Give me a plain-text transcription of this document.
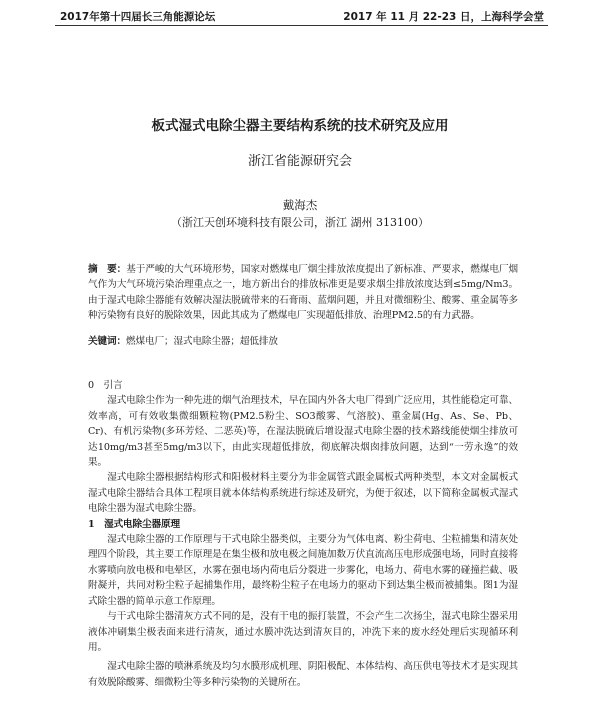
2017年第十四届长三角能源论坛	2017 年 11 月 22-23 日，上海科学会堂
板式湿式电除尘器主要结构系统的技术研究及应用
浙江省能源研究会
戴海杰
（浙江天创环境科技有限公司，浙江 湖州 313100）
摘　要：基于严峻的大气环境形势，国家对燃煤电厂烟尘排放浓度提出了新标准、严要求，燃煤电厂烟气作为大气环境污染治理重点之一，地方新出台的排放标准更是要求烟尘排放浓度达到≤5mg/Nm3。由于湿式电除尘器能有效解决湿法脱硫带来的石膏雨、蓝烟问题，并且对微细粉尘、酸雾、重金属等多种污染物有良好的脱除效果，因此其成为了燃煤电厂实现超低排放、治理PM2.5的有力武器。
关键词：燃煤电厂；湿式电除尘器；超低排放
0　引言
湿式电除尘作为一种先进的烟气治理技术，早在国内外各大电厂得到广泛应用，其性能稳定可靠、效率高，可有效收集微细颗粒物(PM2.5粉尘、SO3酸雾、气溶胶)、重金属(Hg、As、Se、Pb、Cr)、有机污染物(多环芳烃、二恶英)等，在湿法脱硫后增设湿式电除尘器的技术路线能使烟尘排放可达10mg/m3甚至5mg/m3以下，由此实现超低排放，彻底解决烟囱排放问题，达到“一劳永逸”的效果。
湿式电除尘器根据结构形式和阳极材料主要分为非金属管式跟金属板式两种类型，本文对金属板式湿式电除尘器结合具体工程项目就本体结构系统进行综述及研究，为便于叙述，以下简称金属板式湿式电除尘器为湿式电除尘器。
1　湿式电除尘器原理
湿式电除尘器的工作原理与干式电除尘器类似，主要分为气体电离、粉尘荷电、尘粒捕集和清灰处理四个阶段，其主要工作原理是在集尘极和放电极之间施加数万伏直流高压电形成强电场，同时直接将水雾喷向放电极和电晕区，水雾在强电场内荷电后分裂进一步雾化，电场力、荷电水雾的碰撞拦截、吸附凝并，共同对粉尘粒子起捕集作用，最终粉尘粒子在电场力的驱动下到达集尘极而被捕集。图1为湿式除尘器的简单示意工作原理。
与干式电除尘器清灰方式不同的是，没有干电的振打装置，不会产生二次扬尘，湿式电除尘器采用液体冲刷集尘极表面来进行清灰，通过水膜冲洗达到清灰目的，冲洗下来的废水经处理后实现循环利用。
湿式电除尘器的喷淋系统及均匀水膜形成机理、阴阳极配、本体结构、高压供电等技术才是实现其有效脱除酸雾、细微粉尘等多种污染物的关键所在。
